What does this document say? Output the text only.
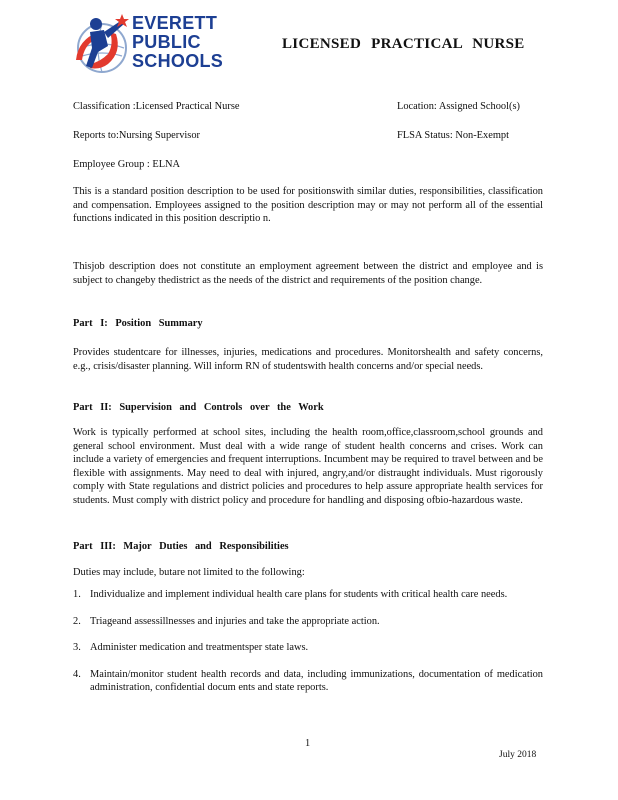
EVERETT
PUBLIC
SCHOOLS
LICENSED PRACTICAL NURSE
Classification :Licensed Practical Nurse	Location: Assigned School(s)
Reports to:Nursing Supervisor	FLSA Status: Non-Exempt
Employee Group : ELNA
This is a standard position description to be used for positionswith similar duties, responsibilities, classification and compensation. Employees assigned to the position description may or may not perform all of the essential functions indicated in this position descriptio n.
Thisjob description does not constitute an employment agreement between the district and employee and is subject to changeby thedistrict as the needs of the district and requirements of the position change.
Part I: Position Summary
Provides studentcare for illnesses, injuries, medications and procedures. Monitorshealth and safety concerns, e.g., crisis/disaster planning. Will inform RN of studentswith health concerns and/or special needs.
Part II: Supervision and Controls over the Work
Work is typically performed at school sites, including the health room,office,classroom,school grounds and general school environment. Must deal with a wide range of student health concerns and crises. Work can include a variety of emergencies and frequent interruptions. Incumbent may be required to travel between and be flexible with assignments. May need to deal with injured, angry,and/or distraught individuals. Must rigorously comply with State regulations and district policies and procedures to help assure appropriate health services for students. Must comply with district policy and procedure for handling and disposing ofbio-hazardous waste.
Part III: Major Duties and Responsibilities
Duties may include, butare not limited to the following:
1. Individualize and implement individual health care plans for students with critical health care needs.
2. Triageand assessillnesses and injuries and take the appropriate action.
3. Administer medication and treatmentsper state laws.
4. Maintain/monitor student health records and data, including immunizations, documentation of medication administration, confidential docum ents and state reports.
1
July 2018
